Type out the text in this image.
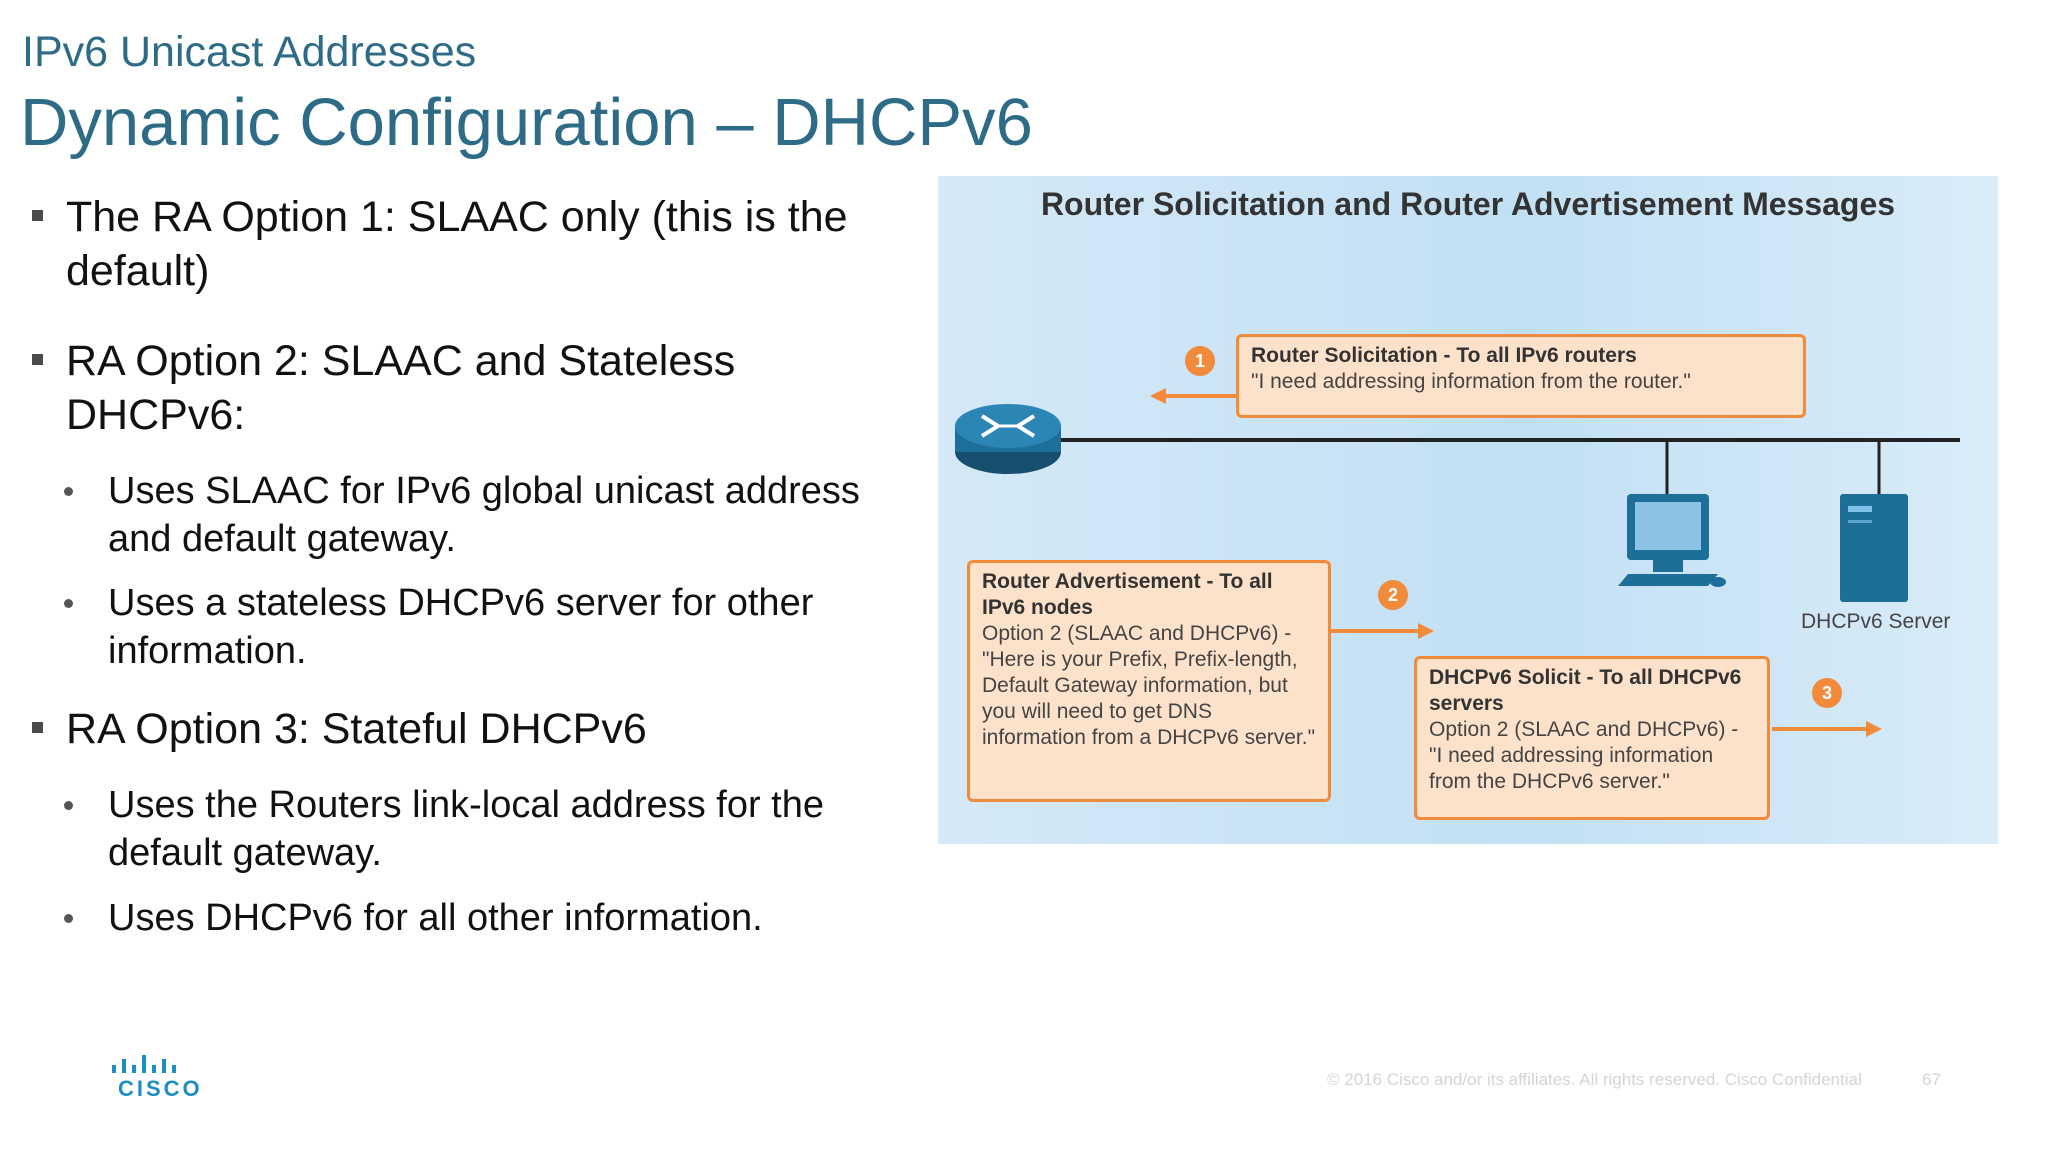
IPv6 Unicast Addresses
Dynamic Configuration – DHCPv6
The RA Option 1: SLAAC only (this is the default)
RA Option 2: SLAAC and Stateless DHCPv6:
Uses SLAAC for IPv6 global unicast address and default gateway.
Uses a stateless DHCPv6 server for other information.
RA Option 3: Stateful DHCPv6
Uses the Routers link-local address for the default gateway.
Uses DHCPv6 for all other information.
Router Solicitation and Router Advertisement Messages
1
2
3
Router Solicitation - To all IPv6 routers
"I need addressing information from the router."
Router Advertisement - To all IPv6 nodes
Option 2 (SLAAC and DHCPv6) - "Here is your Prefix, Prefix-length, Default Gateway information, but you will need to get DNS information from a DHCPv6 server."
DHCPv6 Solicit - To all DHCPv6 servers
Option 2 (SLAAC and DHCPv6) - "I need addressing information from the DHCPv6 server."
DHCPv6 Server
CISCO	© 2016 Cisco and/or its affiliates. All rights reserved. Cisco Confidential	67
